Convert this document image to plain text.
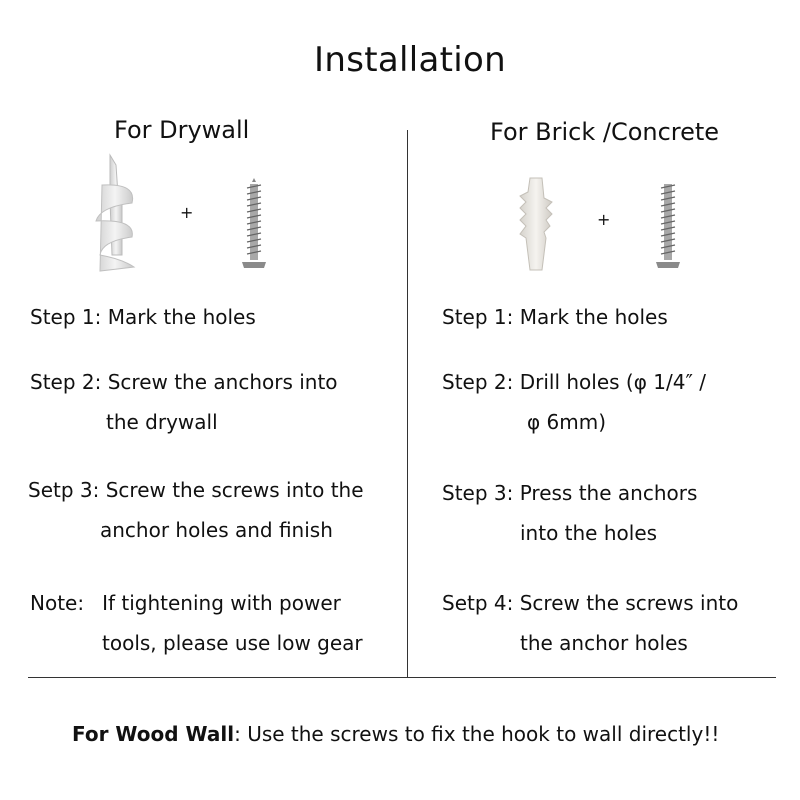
Installation
For Drywall
+
Step 1: Mark the holes
Step 2: Screw the anchors into
the drywall
Setp 3: Screw the screws into the
anchor holes and finish
Note: If tightening with power
tools, please use low gear
For Brick /Concrete
+
Step 1: Mark the holes
Step 2: Drill holes (φ 1/4″ /
φ 6mm)
Step 3: Press the anchors
into the holes
Setp 4: Screw the screws into
the anchor holes
For Wood Wall: Use the screws to fix the hook to wall directly!!
